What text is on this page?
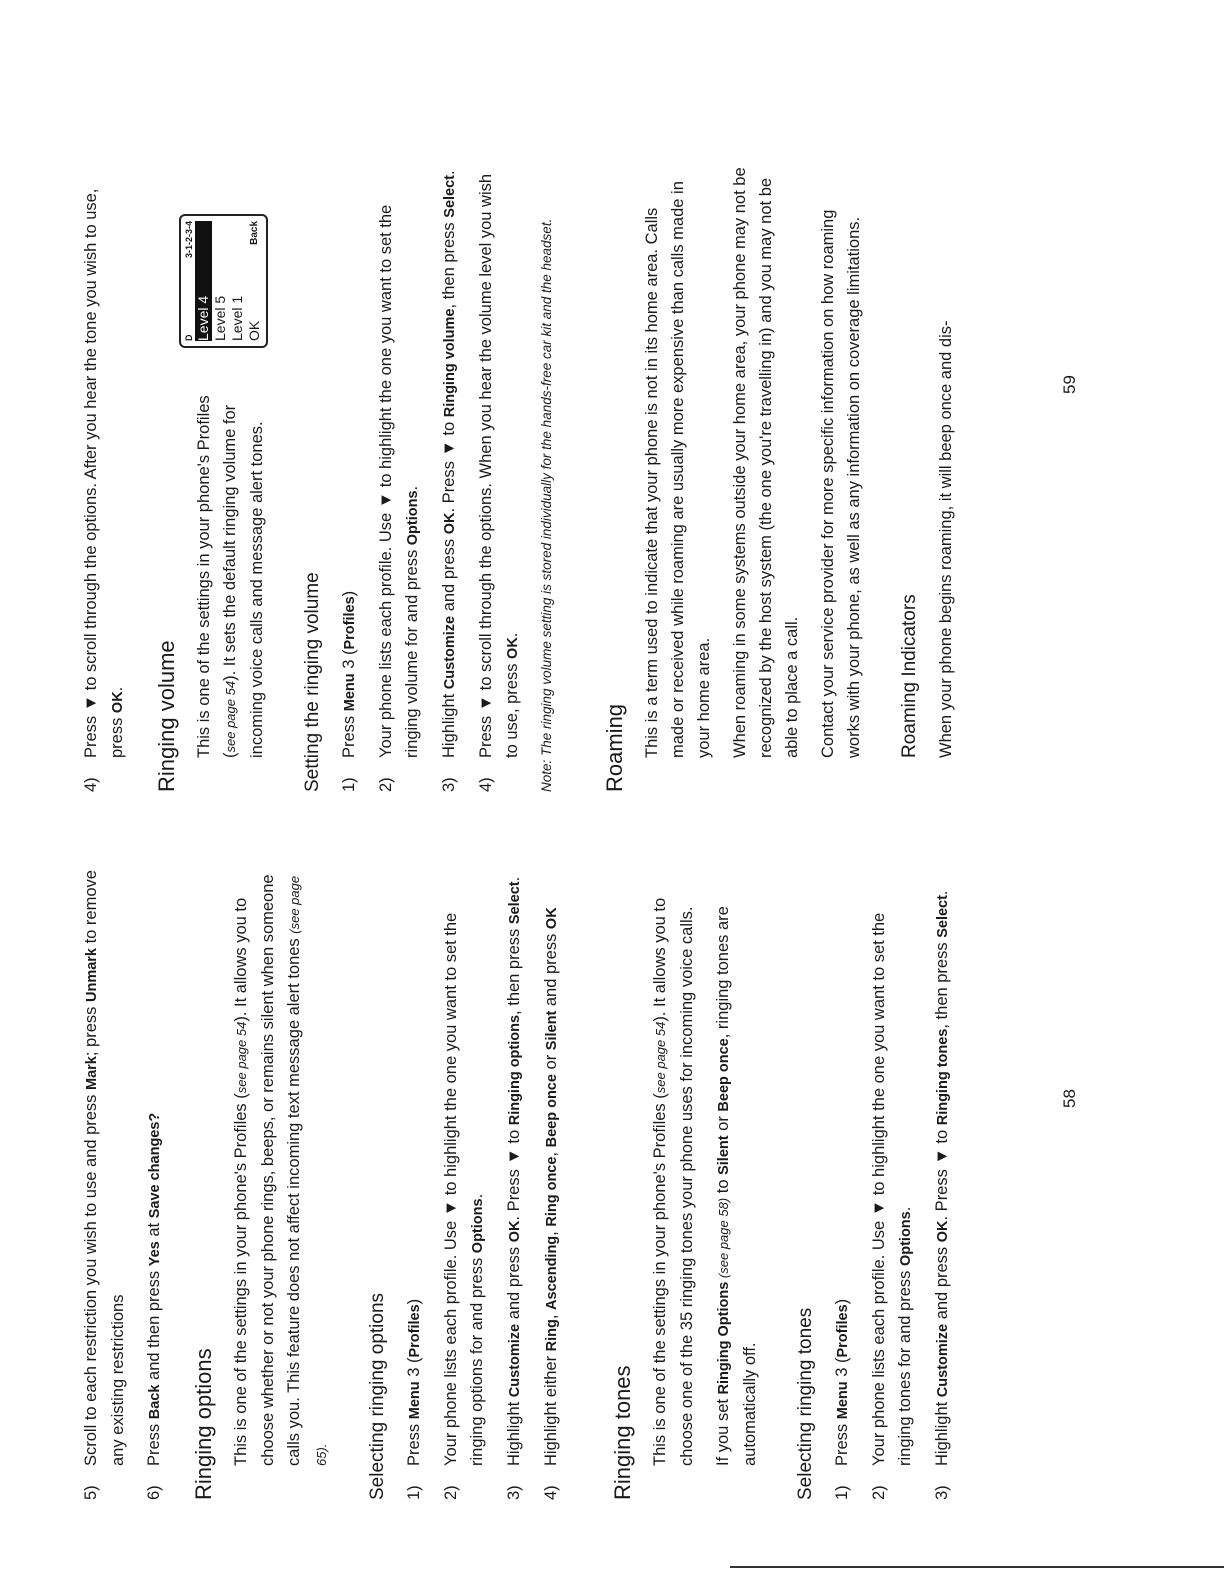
5)
Scroll to each restriction you wish to use and press Mark; press Unmark to remove any existing restrictions

6)
Press Back and then press Yes at Save changes?

Ringing options This is one of the settings in your phone's Profiles (see page 54). It allows you to choose whether or not your phone rings, beeps, or remains silent when someone calls you. This feature does not affect incoming text message alert tones (see page 65).	Selecting ringing options 1)
Press Menu 3 (Profiles)

2)
Your phone lists each profile. Use ▼ to highlight the one you want to set the ringing options for and press Options.

3)
Highlight Customize and press OK. Press ▼ to Ringing options, then press Select.

4)
Highlight either Ring, Ascending, Ring once, Beep once or Silent and press OK

Ringing tones This is one of the settings in your phone's Profiles (see page 54). It allows you to choose one of the 35 ringing tones your phone uses for incoming voice calls. If you set Ringing Options (see page 58) to Silent or Beep once, ringing tones are automatically off. Selecting ringing tones 1)
Press Menu 3 (Profiles)

2)
Your phone lists each profile. Use ▼ to highlight the one you want to set the ringing tones for and press Options.

3)
Highlight Customize and press OK. Press ▼ to Ringing tones, then press Select.

58

4)
Press ▼ to scroll through the options. After you hear the tone you wish to use, press OK. Ringing volume This is one of the settings in your phone's Profiles (see page 54). It sets the default ringing volume for incoming voice calls and message alert tones.

D
3-1-2-3-4
Level 4 Level 5 Level 1 OK
Back
Setting the ringing volume 1)
Press Menu 3 (Profiles)

2)
Your phone lists each profile. Use ▼ to highlight the one you want to set the ringing volume for and press Options.

3)
Highlight Customize and press OK. Press ▼ to Ringing volume, then press Select.

4)
Press ▼ to scroll through the options. When you hear the volume level you wish to use, press OK.	Note: The ringing volume setting is stored individually for the hands-free car kit and the headset. Roaming This is a term used to indicate that your phone is not in its home area. Calls made or received while roaming are usually more expensive than calls made in your home area. When roaming in some systems outside your home area, your phone may not be recognized by the host system (the one you're travelling in) and you may not be able to place a call. Contact your service provider for more specific information on how roaming works with your phone, as well as any information on coverage limitations. Roaming Indicators When your phone begins roaming, it will beep once and dis-	59
